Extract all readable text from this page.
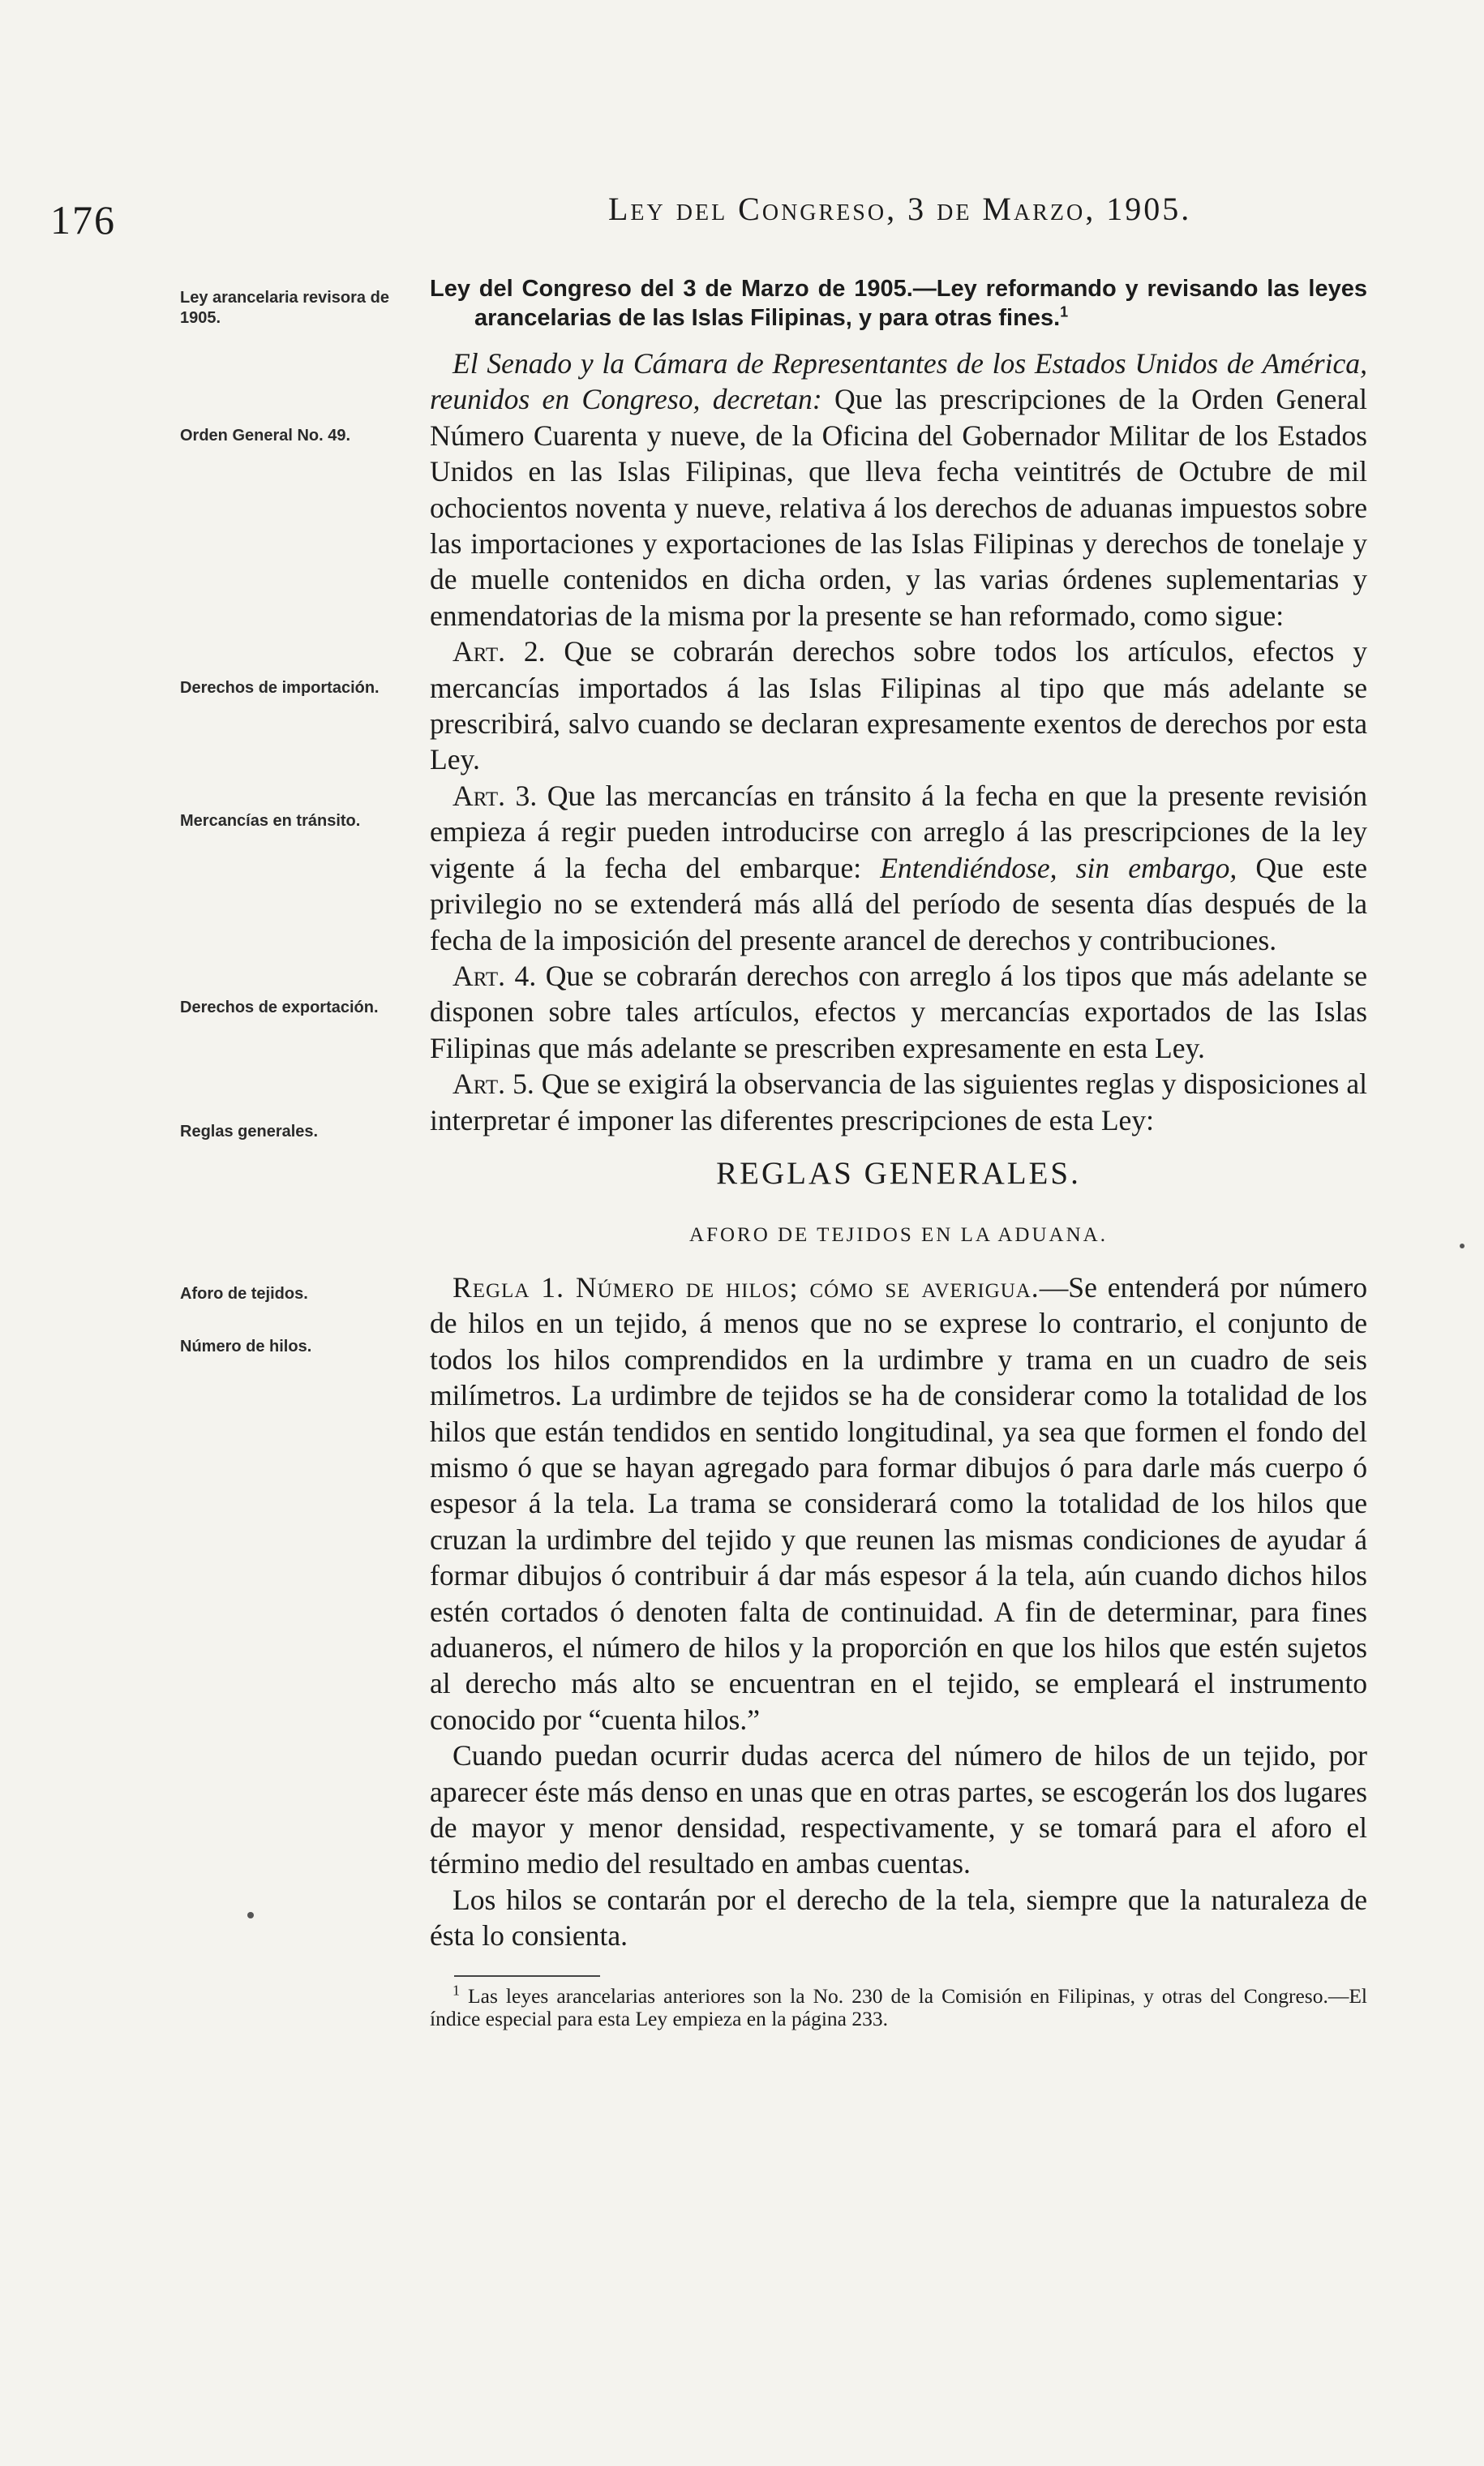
176	Ley del Congreso, 3 de Marzo, 1905.
Ley arancelaria revisora de 1905.
Orden General No. 49.
Derechos de importación.
Mercancías en tránsito.
Derechos de exportación.
Reglas generales.
Aforo de tejidos.
Número de hilos.
Ley del Congreso del 3 de Marzo de 1905.—Ley reformando y revisando las leyes arancelarias de las Islas Filipinas, y para otras fines.$^1$

El Senado y la Cámara de Representantes de los Estados Unidos de América, reunidos en Congreso, decretan: Que las prescripciones de la Orden General Número Cuarenta y nueve, de la Oficina del Gobernador Militar de los Estados Unidos en las Islas Filipinas, que lleva fecha veintitrés de Octubre de mil ochocientos noventa y nueve, relativa á los derechos de aduanas impuestos sobre las importaciones y exportaciones de las Islas Filipinas y derechos de tonelaje y de muelle contenidos en dicha orden, y las varias órdenes suplementarias y enmendatorias de la misma por la presente se han reformado, como sigue:

Art. 2. Que se cobrarán derechos sobre todos los artículos, efectos y mercancías importados á las Islas Filipinas al tipo que más adelante se prescribirá, salvo cuando se declaran expresamente exentos de derechos por esta Ley.

Art. 3. Que las mercancías en tránsito á la fecha en que la presente revisión empieza á regir pueden introducirse con arreglo á las prescripciones de la ley vigente á la fecha del embarque: Entendiéndose, sin embargo, Que este privilegio no se extenderá más allá del período de sesenta días después de la fecha de la imposición del presente arancel de derechos y contribuciones.

Art. 4. Que se cobrarán derechos con arreglo á los tipos que más adelante se disponen sobre tales artículos, efectos y mercancías exportados de las Islas Filipinas que más adelante se prescriben expresamente en esta Ley.

Art. 5. Que se exigirá la observancia de las siguientes reglas y disposiciones al interpretar é imponer las diferentes prescripciones de esta Ley:

REGLAS GENERALES.
AFORO DE TEJIDOS EN LA ADUANA.

Regla 1. Número de hilos; cómo se averigua.—Se entenderá por número de hilos en un tejido, á menos que no se exprese lo contrario, el conjunto de todos los hilos comprendidos en la urdimbre y trama en un cuadro de seis milímetros. La urdimbre de tejidos se ha de considerar como la totalidad de los hilos que están tendidos en sentido longitudinal, ya sea que formen el fondo del mismo ó que se hayan agregado para formar dibujos ó para darle más cuerpo ó espesor á la tela. La trama se considerará como la totalidad de los hilos que cruzan la urdimbre del tejido y que reunen las mismas condiciones de ayudar á formar dibujos ó contribuir á dar más espesor á la tela, aún cuando dichos hilos estén cortados ó denoten falta de continuidad. A fin de determinar, para fines aduaneros, el número de hilos y la proporción en que los hilos que estén sujetos al derecho más alto se encuentran en el tejido, se empleará el instrumento conocido por “cuenta hilos.”

Cuando puedan ocurrir dudas acerca del número de hilos de un tejido, por aparecer éste más denso en unas que en otras partes, se escogerán los dos lugares de mayor y menor densidad, respectivamente, y se tomará para el aforo el término medio del resultado en ambas cuentas.

Los hilos se contarán por el derecho de la tela, siempre que la naturaleza de ésta lo consienta.

$^1$ Las leyes arancelarias anteriores son la No. 230 de la Comisión en Filipinas, y otras del Congreso.—El índice especial para esta Ley empieza en la página 233.
